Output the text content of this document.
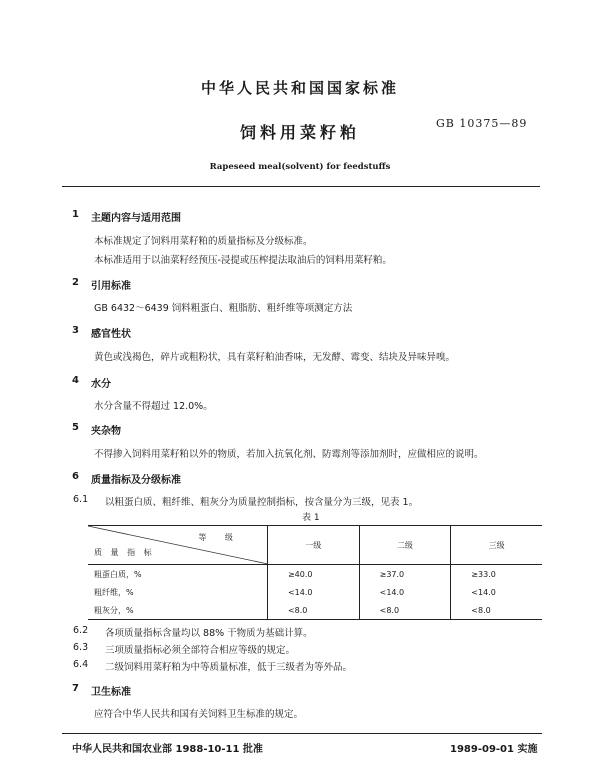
中华人民共和国国家标准
GB 10375—89
饲料用菜籽粕
Rapeseed meal(solvent) for feedstuffs
1 主题内容与适用范围
本标准规定了饲料用菜籽粕的质量指标及分级标准。
本标准适用于以油菜籽经预压-浸提或压榨提法取油后的饲料用菜籽粕。
2 引用标准
GB 6432～6439 饲料粗蛋白、粗脂肪、粗纤维等项测定方法
3 感官性状
黄色或浅褐色，碎片或粗粉状，具有菜籽粕油香味，无发酵、霉变、结块及异味异嗅。
4 水分
水分含量不得超过 12.0%。
5 夹杂物
不得掺入饲料用菜籽粕以外的物质，若加入抗氧化剂、防霉剂等添加剂时，应做相应的说明。
6 质量指标及分级标准
6.1 以粗蛋白质、粗纤维、粗灰分为质量控制指标，按含量分为三级，见表 1。
表 1
等 级
质 量 指 标	一级	二级	三级
粗蛋白质，%	≥40.0	≥37.0	≥33.0
粗纤维，%	<14.0	<14.0	<14.0
粗灰分，%	<8.0	<8.0	<8.0
6.2 各项质量指标含量均以 88% 干物质为基础计算。
6.3 三项质量指标必须全部符合相应等级的规定。
6.4 二级饲料用菜籽粕为中等质量标准，低于三级者为等外品。
7 卫生标准
应符合中华人民共和国有关饲料卫生标准的规定。
中华人民共和国农业部 1988-10-11 批准	1989-09-01 实施
